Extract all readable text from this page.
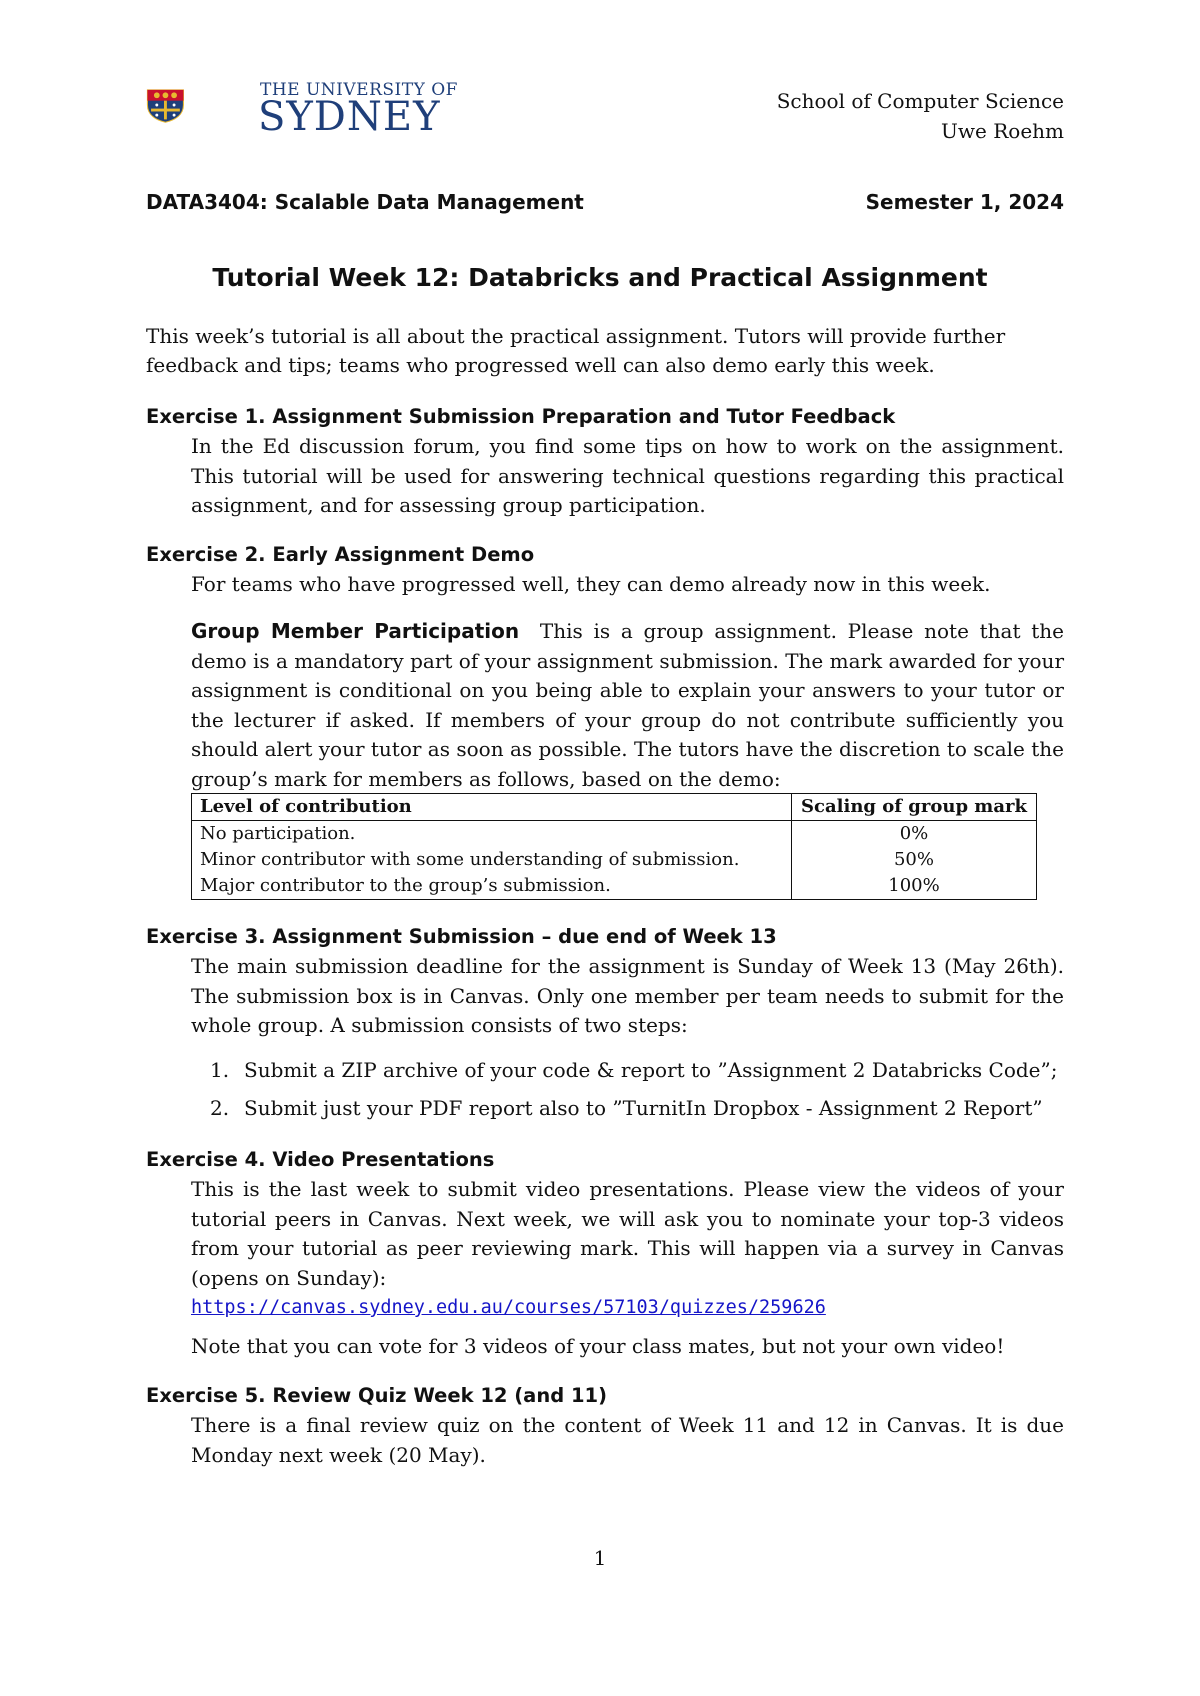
THE UNIVERSITY OF
SYDNEY	School of Computer Science
Uwe Roehm
DATA3404: Scalable Data Management	Semester 1, 2024
Tutorial Week 12: Databricks and Practical Assignment
This week’s tutorial is all about the practical assignment. Tutors will provide further feedback and tips; teams who progressed well can also demo early this week.
Exercise 1. Assignment Submission Preparation and Tutor Feedback
In the Ed discussion forum, you find some tips on how to work on the assignment. This tutorial will be used for answering technical questions regarding this practical assignment, and for assessing group participation.
Exercise 2. Early Assignment Demo
For teams who have progressed well, they can demo already now in this week.
Group Member Participation This is a group assignment. Please note that the demo is a mandatory part of your assignment submission. The mark awarded for your assignment is conditional on you being able to explain your answers to your tutor or the lecturer if asked. If members of your group do not contribute sufficiently you should alert your tutor as soon as possible. The tutors have the discretion to scale the group’s mark for members as follows, based on the demo:
Level of contribution	Scaling of group mark
No participation.	0%
Minor contributor with some understanding of submission.	50%
Major contributor to the group’s submission.	100%
Exercise 3. Assignment Submission – due end of Week 13
The main submission deadline for the assignment is Sunday of Week 13 (May 26th). The submission box is in Canvas. Only one member per team needs to submit for the whole group. A submission consists of two steps:
1. Submit a ZIP archive of your code & report to ”Assignment 2 Databricks Code”;
2. Submit just your PDF report also to ”TurnitIn Dropbox - Assignment 2 Report”
Exercise 4. Video Presentations
This is the last week to submit video presentations. Please view the videos of your tutorial peers in Canvas. Next week, we will ask you to nominate your top-3 videos from your tutorial as peer reviewing mark. This will happen via a survey in Canvas (opens on Sunday):
https://canvas.sydney.edu.au/courses/57103/quizzes/259626
Note that you can vote for 3 videos of your class mates, but not your own video!
Exercise 5. Review Quiz Week 12 (and 11)
There is a final review quiz on the content of Week 11 and 12 in Canvas. It is due Monday next week (20 May).
1
